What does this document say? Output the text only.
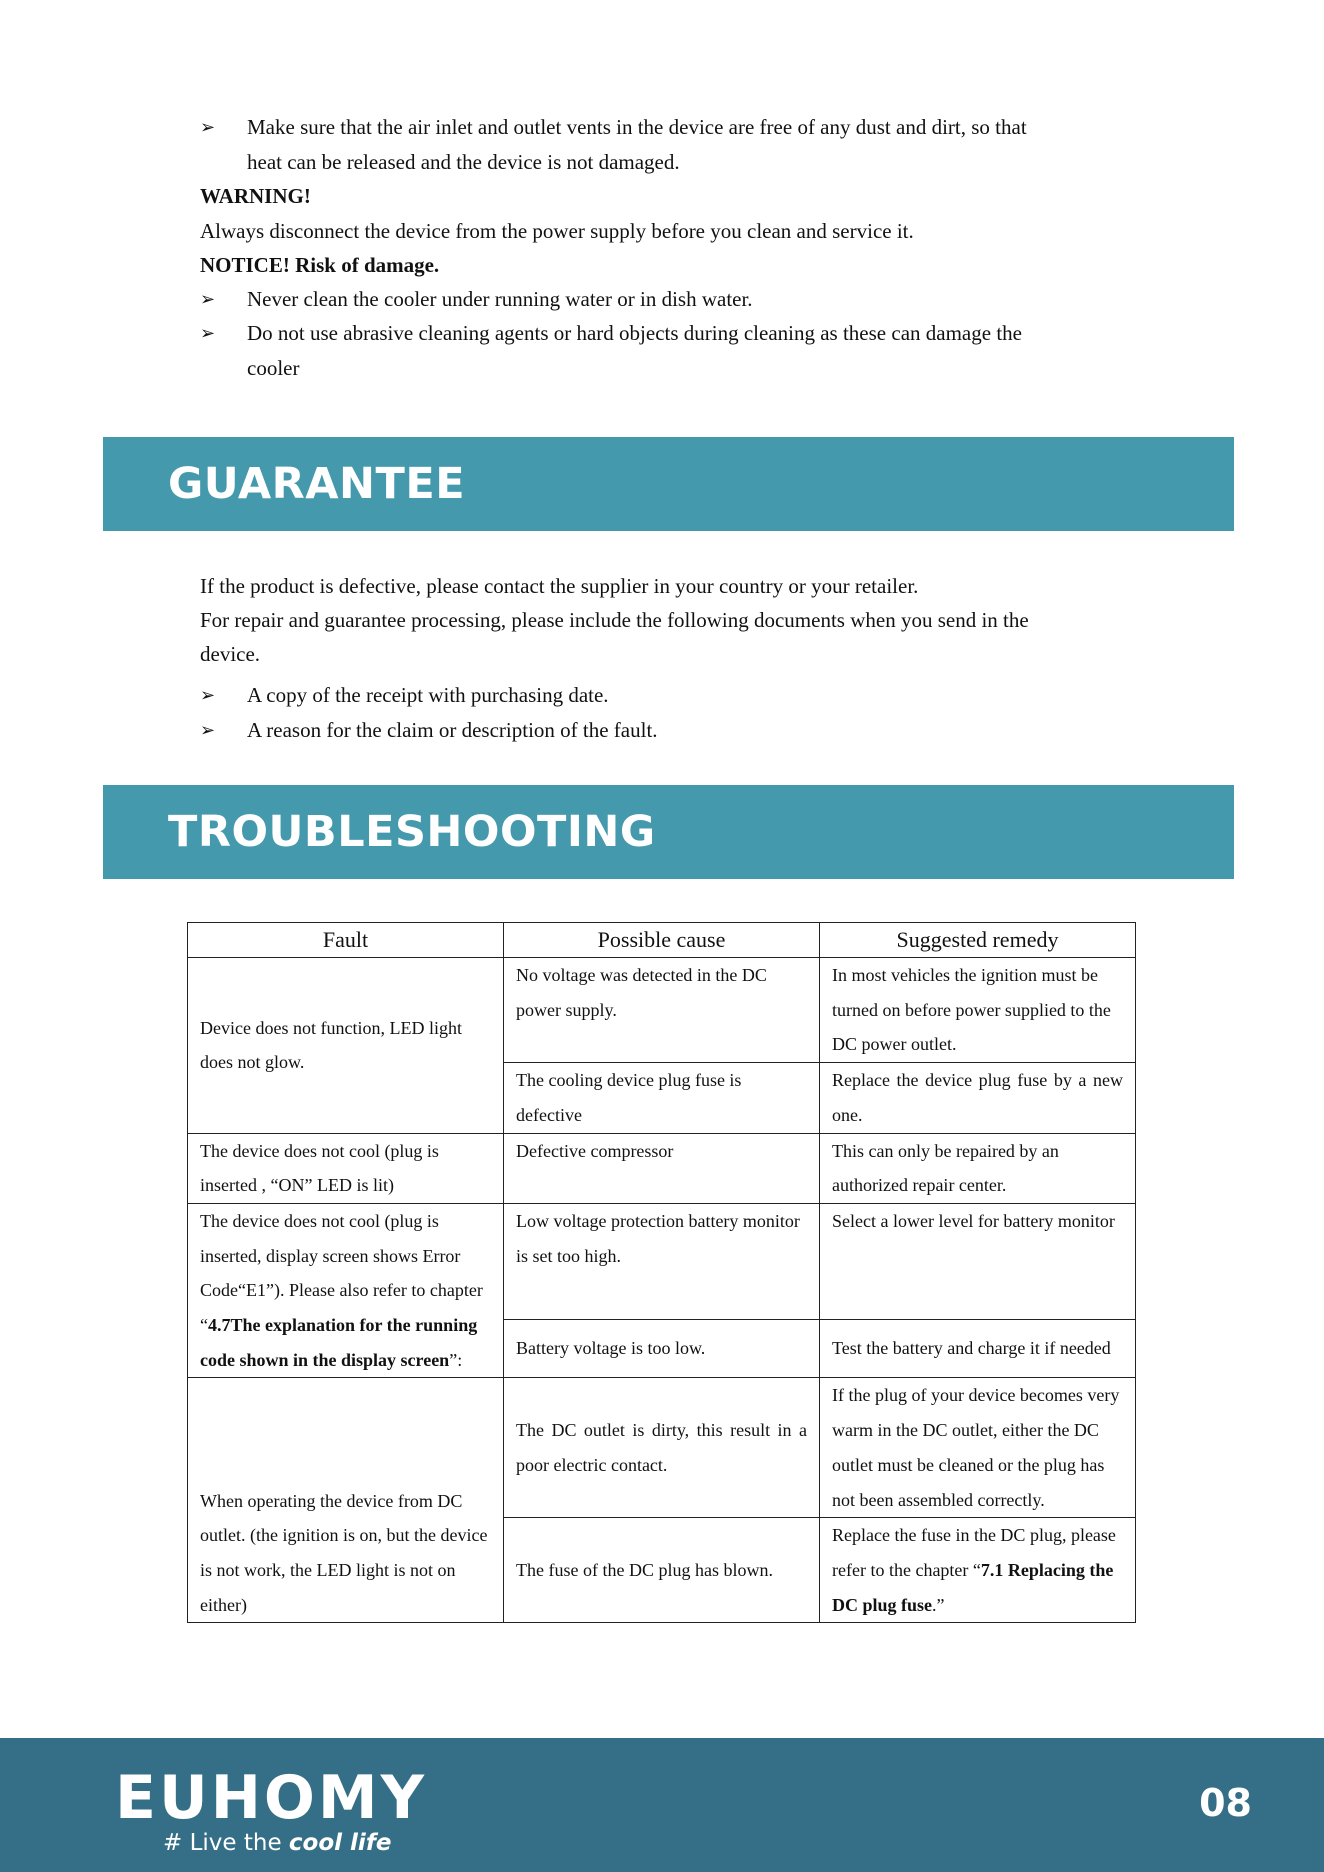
➢ Make sure that the air inlet and outlet vents in the device are free of any dust and dirt, so that
heat can be released and the device is not damaged.
WARNING!
Always disconnect the device from the power supply before you clean and service it.
NOTICE! Risk of damage.
➢ Never clean the cooler under running water or in dish water.
➢ Do not use abrasive cleaning agents or hard objects during cleaning as these can damage the
cooler
GUARANTEE
If the product is defective, please contact the supplier in your country or your retailer.
For repair and guarantee processing, please include the following documents when you send in the
device.
➢ A copy of the receipt with purchasing date.
➢ A reason for the claim or description of the fault.
TROUBLESHOOTING
Fault	Possible cause	Suggested remedy
Device does not function, LED light does not glow.	No voltage was detected in the DC power supply.	In most vehicles the ignition must be turned on before power supplied to the DC power outlet.
	The cooling device plug fuse is defective	Replace the device plug fuse by a new one.
The device does not cool (plug is inserted , “ON” LED is lit)	Defective compressor	This can only be repaired by an authorized repair center.
The device does not cool (plug is inserted, display screen shows Error Code“E1”). Please also refer to chapter “4.7The explanation for the running code shown in the display screen”:	Low voltage protection battery monitor is set too high.	Select a lower level for battery monitor
	Battery voltage is too low.	Test the battery and charge it if needed
When operating the device from DC outlet. (the ignition is on, but the device is not work, the LED light is not on either)	The DC outlet is dirty, this result in a poor electric contact.	If the plug of your device becomes very warm in the DC outlet, either the DC outlet must be cleaned or the plug has not been assembled correctly.
	The fuse of the DC plug has blown.	Replace the fuse in the DC plug, please refer to the chapter “7.1 Replacing the DC plug fuse.”
EUHOMY
# Live the cool life
08
